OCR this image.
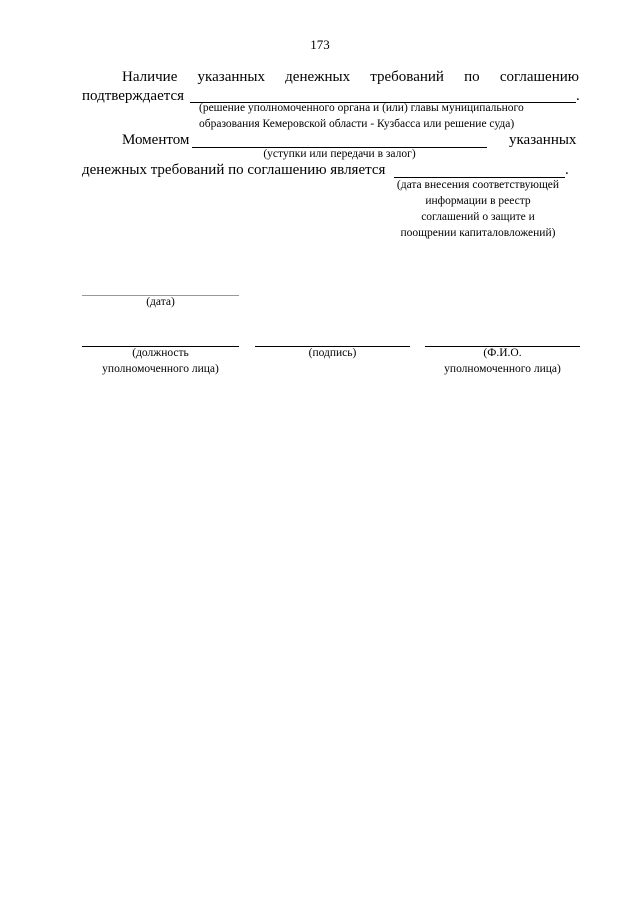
173
Наличие указанных денежных требований по соглашению
подтверждается	.
(решение уполномоченного органа и (или) главы муниципального
образования Кемеровской области - Кузбасса или решение суда)
Моментом	указанных
(уступки или передачи в залог)
денежных требований по соглашению является	.
(дата внесения соответствующей
информации в реестр
соглашений о защите и
поощрении капиталовложений)
(дата)
(должность
уполномоченного лица)
(подпись)	(Ф.И.О.
уполномоченного лица)
